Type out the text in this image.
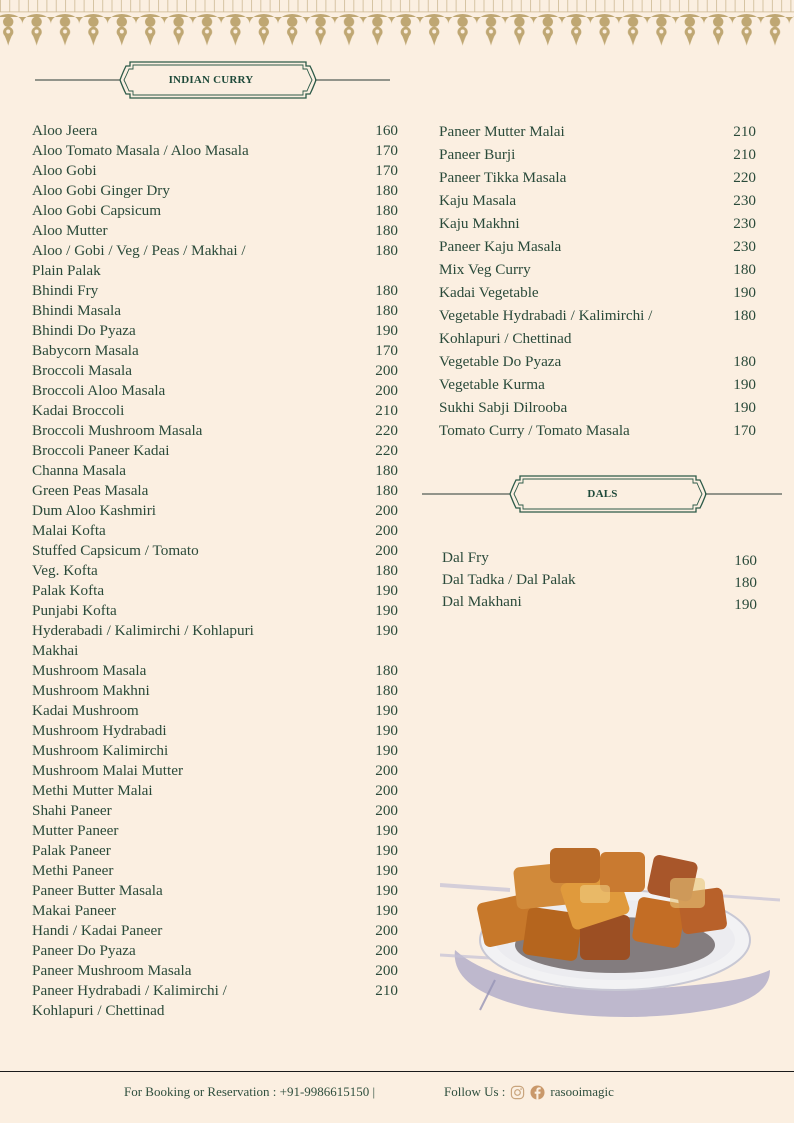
INDIAN CURRY
Aloo Jeera	160
Aloo Tomato Masala / Aloo Masala	170
Aloo Gobi	170
Aloo Gobi Ginger Dry	180
Aloo Gobi Capsicum	180
Aloo Mutter	180
Aloo / Gobi / Veg / Peas / Makhai /	180
Plain Palak
Bhindi Fry	180
Bhindi Masala	180
Bhindi Do Pyaza	190
Babycorn Masala	170
Broccoli Masala	200
Broccoli Aloo Masala	200
Kadai Broccoli	210
Broccoli Mushroom Masala	220
Broccoli Paneer Kadai	220
Channa Masala	180
Green Peas Masala	180
Dum Aloo Kashmiri	200
Malai Kofta	200
Stuffed Capsicum / Tomato	200
Veg. Kofta	180
Palak Kofta	190
Punjabi Kofta	190
Hyderabadi / Kalimirchi / Kohlapuri	190
Makhai
Mushroom Masala	180
Mushroom Makhni	180
Kadai Mushroom	190
Mushroom Hydrabadi	190
Mushroom Kalimirchi	190
Mushroom Malai Mutter	200
Methi Mutter Malai	200
Shahi Paneer	200
Mutter Paneer	190
Palak Paneer	190
Methi Paneer	190
Paneer Butter Masala	190
Makai Paneer	190
Handi / Kadai Paneer	200
Paneer Do Pyaza	200
Paneer Mushroom Masala	200
Paneer Hydrabadi / Kalimirchi /	210
Kohlapuri / Chettinad
Paneer Mutter Malai	210
Paneer Burji	210
Paneer Tikka Masala	220
Kaju Masala	230
Kaju Makhni	230
Paneer Kaju Masala	230
Mix Veg Curry	180
Kadai Vegetable	190
Vegetable Hydrabadi / Kalimirchi /	180
Kohlapuri / Chettinad
Vegetable Do Pyaza	180
Vegetable Kurma	190
Sukhi Sabji Dilrooba	190
Tomato Curry / Tomato Masala	170
DALS
Dal Fry	160
Dal Tadka / Dal Palak	180
Dal Makhani	190
For Booking or Reservation : +91-9986615150 |	Follow Us :	rasooimagic
